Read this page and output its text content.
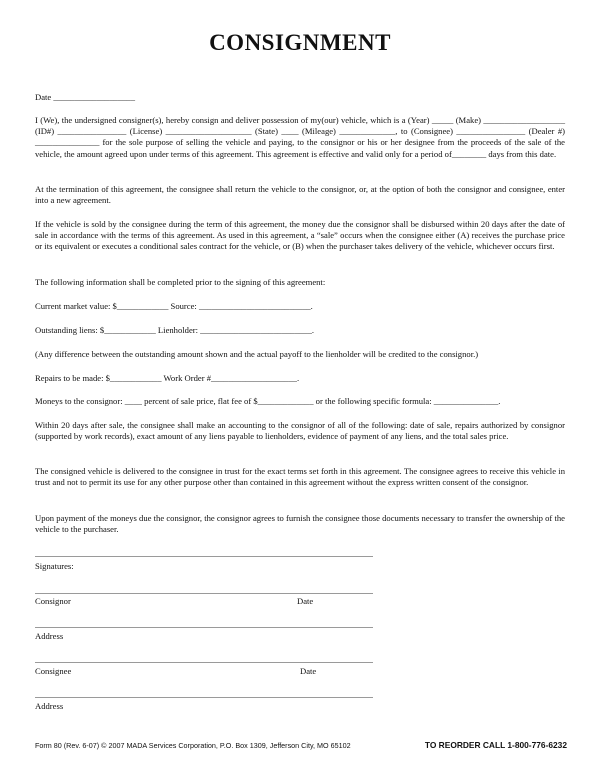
CONSIGNMENT

Date ___________________

I (We), the undersigned consigner(s), hereby consign and deliver possession of my(our) vehicle, which is a (Year) _____ (Make) ___________________ (ID#) ________________ (License) ____________________ (State) ____ (Mileage) _____________, to (Consignee) ________________ (Dealer #) _______________ for the sole purpose of selling the vehicle and paying, to the consignor or his or her designee from the proceeds of the sale of the vehicle, the amount agreed upon under terms of this agreement. This agreement is effective and valid only for a period of________ days from this date.

At the termination of this agreement, the consignee shall return the vehicle to the consignor, or, at the option of both the consignor and consignee, enter into a new agreement.

If the vehicle is sold by the consignee during the term of this agreement, the money due the consignor shall be disbursed within 20 days after the date of sale in accordance with the terms of this agreement. As used in this agreement, a “sale” occurs when the consignee either (A) receives the purchase price or its equivalent or executes a conditional sales contract for the vehicle, or (B) when the purchaser takes delivery of the vehicle, whichever occurs first.

The following information shall be completed prior to the signing of this agreement:

Current market value: $____________ Source: __________________________.

Outstanding liens: $____________ Lienholder: __________________________.

(Any difference between the outstanding amount shown and the actual payoff to the lienholder will be credited to the consignor.)

Repairs to be made: $____________ Work Order #____________________.

Moneys to the consignor: ____ percent of sale price, flat fee of $_____________ or the following specific formula: _______________.

Within 20 days after sale, the consignee shall make an accounting to the consignor of all of the following: date of sale, repairs authorized by consignor (supported by work records), exact amount of any liens payable to lienholders, evidence of payment of any liens, and the total sales price.

The consigned vehicle is delivered to the consignee in trust for the exact terms set forth in this agreement. The consignee agrees to receive this vehicle in trust and not to permit its use for any other purpose other than contained in this agreement without the express written consent of the consignor.

Upon payment of the moneys due the consignor, the consignor agrees to furnish the consignee those documents necessary to transfer the ownership of the vehicle to the purchaser.

Signatures:

Consignor	Date

Address

Consignee	Date

Address

Form 80 (Rev. 6-07) © 2007 MADA Services Corporation, P.O. Box 1309, Jefferson City, MO 65102	TO REORDER CALL 1-800-776-6232
